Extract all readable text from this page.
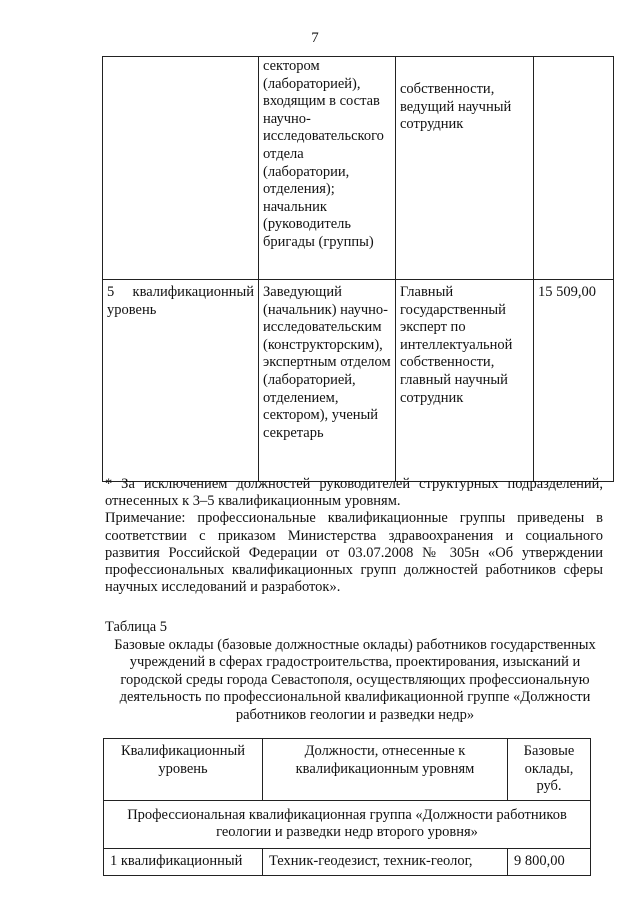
7
	сектором (лабораторией), входящим в состав научно-исследовательского отдела (лаборатории, отделения); начальник (руководитель бригады (группы)	собственности, ведущий научный сотрудник	
5 квалификационный уровень	Заведующий (начальник) научно-исследовательским (конструкторским), экспертным отделом (лабораторией, отделением, сектором), ученый секретарь	Главный государственный эксперт по интеллектуальной собственности, главный научный сотрудник	15 509,00

* За исключением должностей руководителей структурных подразделений, отнесенных к 3–5 квалификационным уровням.

Примечание: профессиональные квалификационные группы приведены в соответствии с приказом Министерства здравоохранения и социального развития Российской Федерации от 03.07.2008 № 305н «Об утверждении профессиональных квалификационных групп должностей работников сферы научных исследований и разработок».

Таблица 5

Базовые оклады (базовые должностные оклады) работников государственных учреждений в сферах градостроительства, проектирования, изысканий и городской среды города Севастополя, осуществляющих профессиональную деятельность по профессиональной квалификационной группе «Должности работников геологии и разведки недр»

Квалификационный уровень	Должности, отнесенные к квалификационным уровням	Базовые оклады, руб.
Профессиональная квалификационная группа «Должности работников геологии и разведки недр второго уровня»		
1 квалификационный	Техник-геодезист, техник-геолог,	9 800,00
